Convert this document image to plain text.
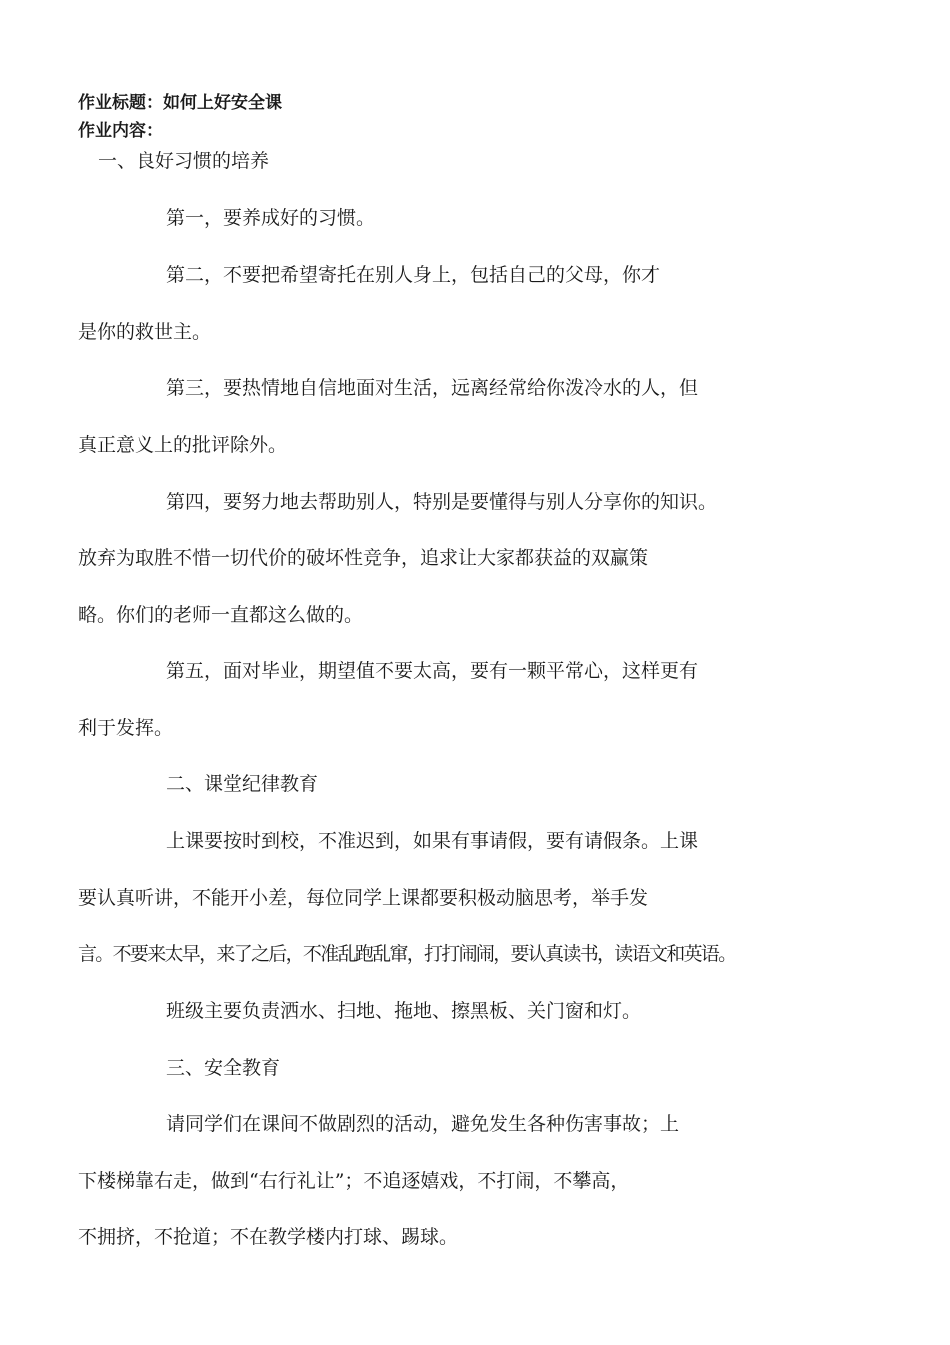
作业标题：如何上好安全课
作业内容：
一、良好习惯的培养
第一，要养成好的习惯。
第二，不要把希望寄托在别人身上，包括自己的父母，你才
是你的救世主。
第三，要热情地自信地面对生活，远离经常给你泼冷水的人，但
真正意义上的批评除外。
第四，要努力地去帮助别人，特别是要懂得与别人分享你的知识。
放弃为取胜不惜一切代价的破坏性竞争，追求让大家都获益的双赢策
略。你们的老师一直都这么做的。
第五，面对毕业，期望值不要太高，要有一颗平常心，这样更有
利于发挥。
二、课堂纪律教育
上课要按时到校，不准迟到，如果有事请假，要有请假条。上课
要认真听讲，不能开小差，每位同学上课都要积极动脑思考，举手发
言。不要来太早，来了之后，不准乱跑乱窜，打打闹闹，要认真读书，读语文和英语。
班级主要负责洒水、扫地、拖地、擦黑板、关门窗和灯。
三、安全教育
请同学们在课间不做剧烈的活动，避免发生各种伤害事故；上
下楼梯靠右走，做到“右行礼让”；不追逐嬉戏，不打闹，不攀高，
不拥挤，不抢道；不在教学楼内打球、踢球。
